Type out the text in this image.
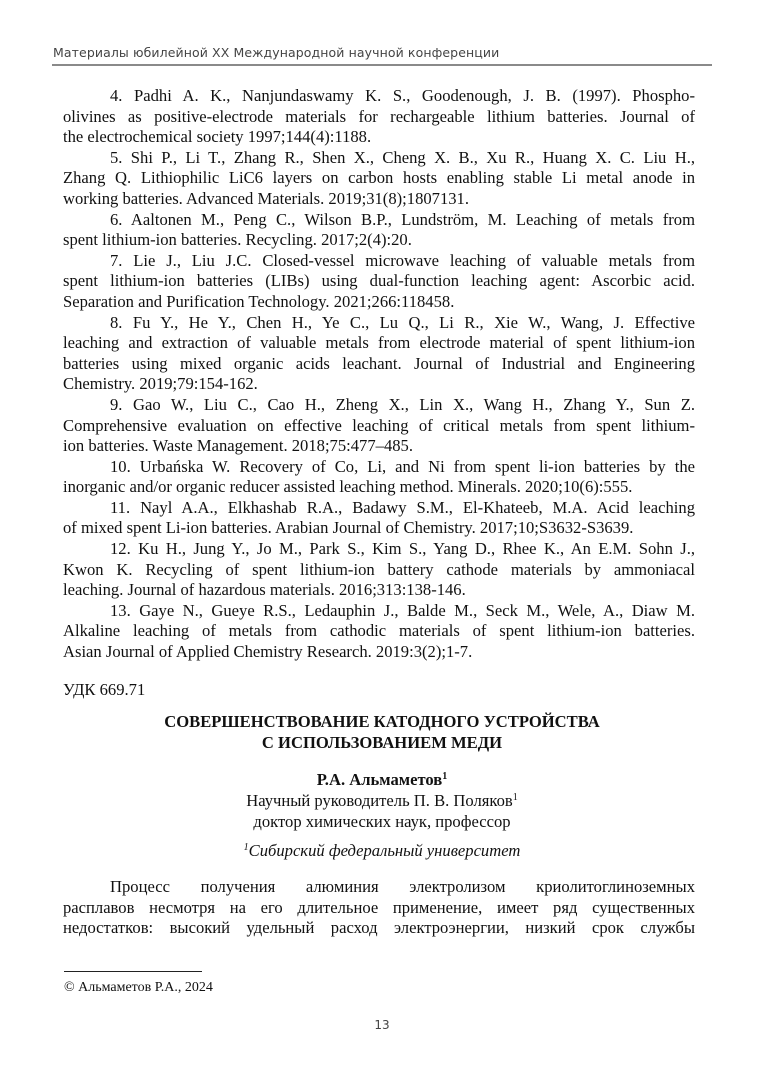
Материалы юбилейной XX Международной научной конференции
4. Padhi A. K., Nanjundaswamy K. S., Goodenough, J. B. (1997). Phospho-
olivines as positive-electrode materials for rechargeable lithium batteries. Journal of
the electrochemical society 1997;144(4):1188.
5. Shi P., Li T., Zhang R., Shen X., Cheng X. B., Xu R., Huang X. C. Liu H.,
Zhang Q. Lithiophilic LiC6 layers on carbon hosts enabling stable Li metal anode in
working batteries. Advanced Materials. 2019;31(8);1807131.
6. Aaltonen M., Peng C., Wilson B.P., Lundström, M. Leaching of metals from
spent lithium-ion batteries. Recycling. 2017;2(4):20.
7. Lie J., Liu J.C. Closed-vessel microwave leaching of valuable metals from
spent lithium-ion batteries (LIBs) using dual-function leaching agent: Ascorbic acid.
Separation and Purification Technology. 2021;266:118458.
8. Fu Y., He Y., Chen H., Ye C., Lu Q., Li R., Xie W., Wang, J. Effective
leaching and extraction of valuable metals from electrode material of spent lithium-ion
batteries using mixed organic acids leachant. Journal of Industrial and Engineering
Chemistry. 2019;79:154-162.
9. Gao W., Liu C., Cao H., Zheng X., Lin X., Wang H., Zhang Y., Sun Z.
Comprehensive evaluation on effective leaching of critical metals from spent lithium-
ion batteries. Waste Management. 2018;75:477–485.
10. Urbańska W. Recovery of Co, Li, and Ni from spent li-ion batteries by the
inorganic and/or organic reducer assisted leaching method. Minerals. 2020;10(6):555.
11. Nayl A.A., Elkhashab R.A., Badawy S.M., El-Khateeb, M.A. Acid leaching
of mixed spent Li-ion batteries. Arabian Journal of Chemistry. 2017;10;S3632-S3639.
12. Ku H., Jung Y., Jo M., Park S., Kim S., Yang D., Rhee K., An E.M. Sohn J.,
Kwon K. Recycling of spent lithium-ion battery cathode materials by ammoniacal
leaching. Journal of hazardous materials. 2016;313:138-146.
13. Gaye N., Gueye R.S., Ledauphin J., Balde M., Seck M., Wele, A., Diaw M.
Alkaline leaching of metals from cathodic materials of spent lithium-ion batteries.
Asian Journal of Applied Chemistry Research. 2019:3(2);1-7.
УДК 669.71
СОВЕРШЕНСТВОВАНИЕ КАТОДНОГО УСТРОЙСТВА
С ИСПОЛЬЗОВАНИЕМ МЕДИ
Р.А. Альмаметов$^1$
Научный руководитель П. В. Поляков$^1$
доктор химических наук, профессор
$^1$Сибирский федеральный университет
Процесс получения алюминия электролизом криолитоглиноземных
расплавов несмотря на его длительное применение, имеет ряд существенных
недостатков: высокий удельный расход электроэнергии, низкий срок службы
© Альмаметов Р.А., 2024
13
